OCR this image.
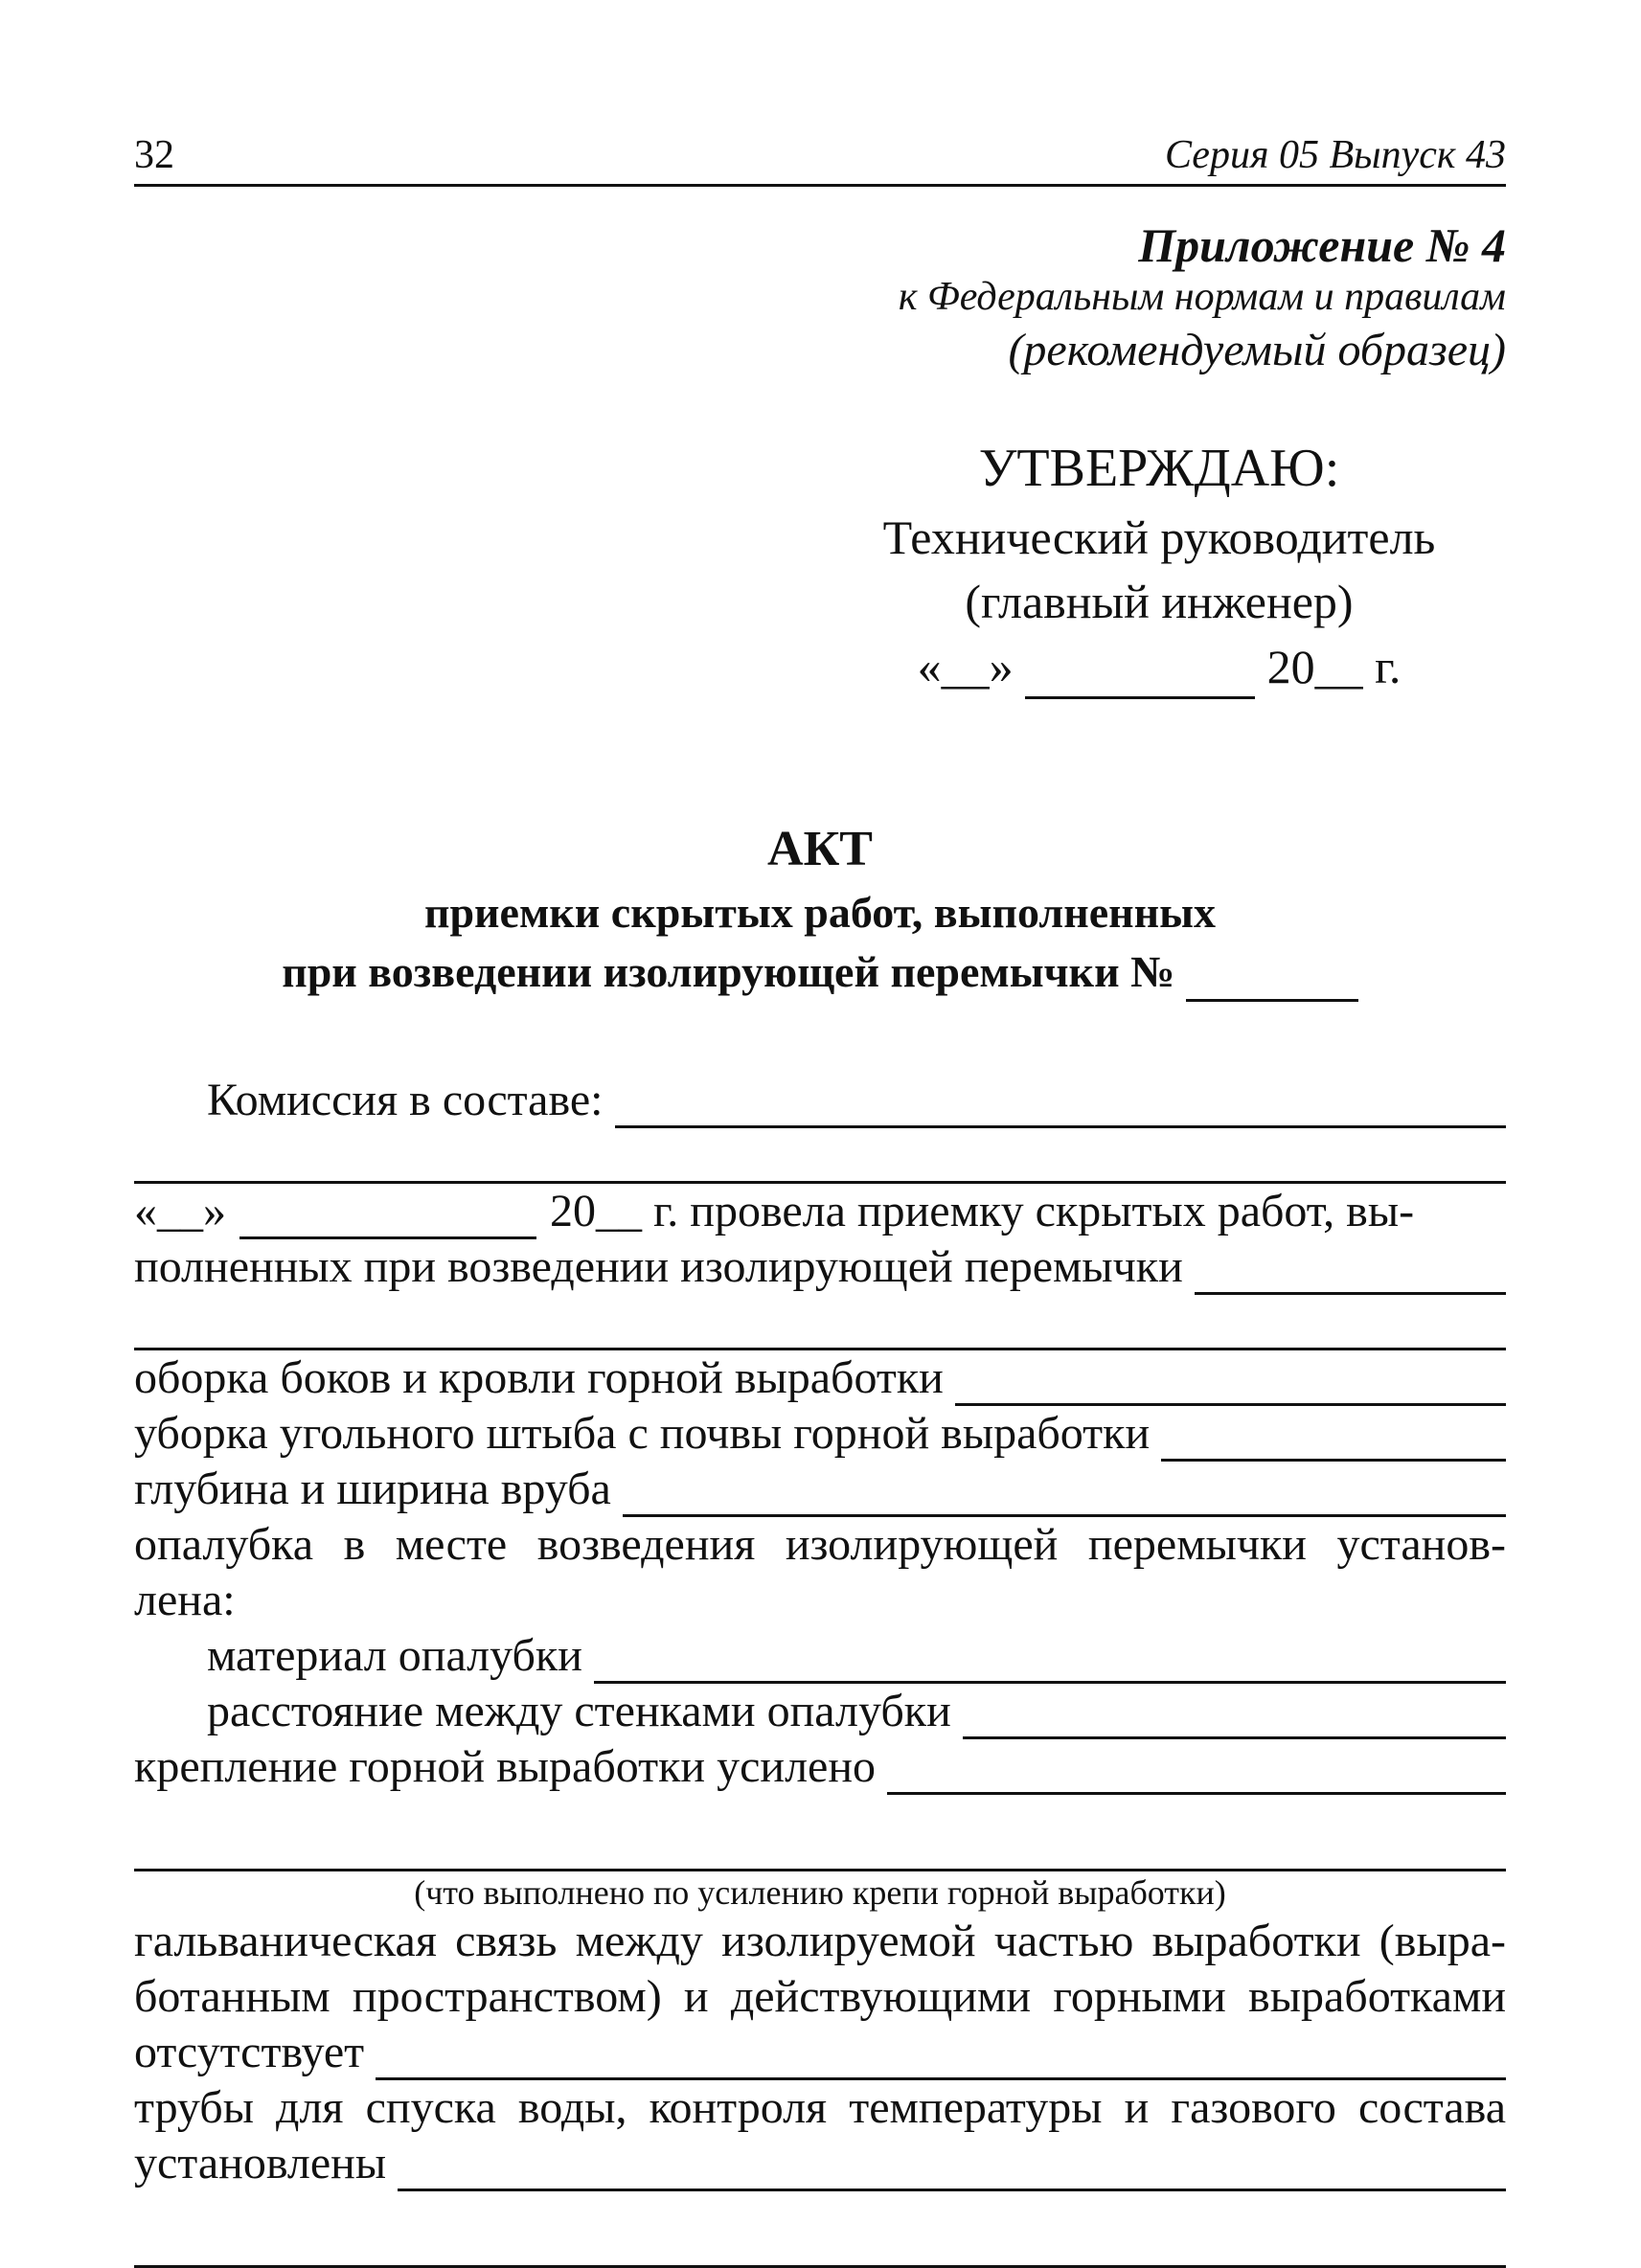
32	Серия 05 Выпуск 43
Приложение № 4
к Федеральным нормам и правилам
(рекомендуемый образец)
УТВЕРЖДАЮ:
Технический руководитель
(главный инженер)
«__»	20__ г.
АКТ
приемки скрытых работ, выполненных
при возведении изолирующей перемычки №
Комиссия в составе:
«__»	20__ г. провела приемку скрытых работ, вы-
полненных при возведении изолирующей перемычки
оборка боков и кровли горной выработки
уборка угольного штыба с почвы горной выработки
глубина и ширина вруба
опалубка в месте возведения изолирующей перемычки установ-
лена:
материал опалубки
расстояние между стенками опалубки
крепление горной выработки усилено
(что выполнено по усилению крепи горной выработки)
гальваническая связь между изолируемой частью выработки (выра-
ботанным пространством) и действующими горными выработками
отсутствует
трубы для спуска воды, контроля температуры и газового состава
установлены
